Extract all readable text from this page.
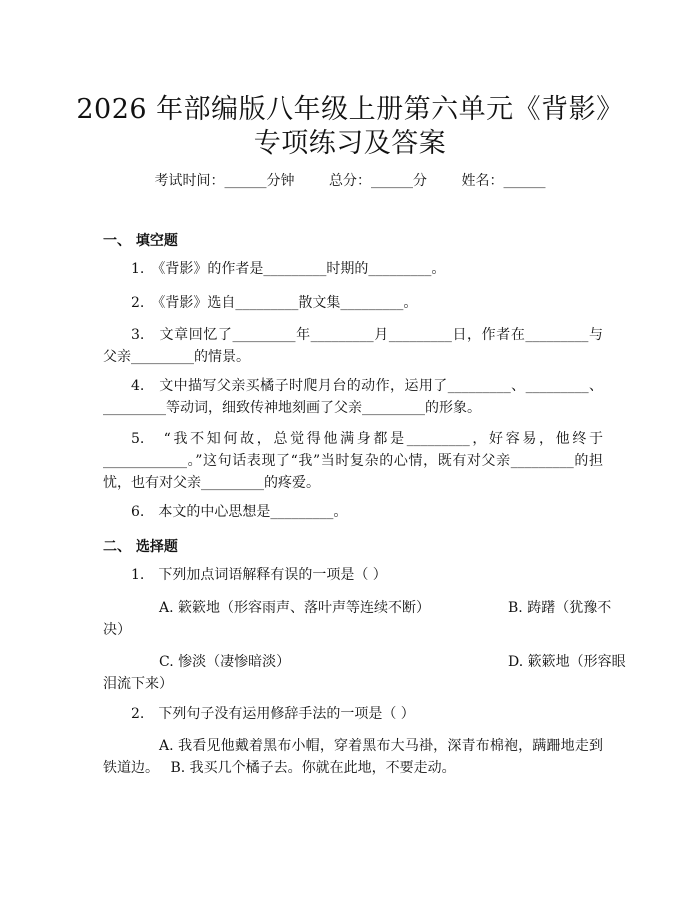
2026 年部编版八年级上册第六单元《背影》
专项练习及答案
考试时间：______分钟 总分：______分 姓名：______
一、 填空题
1.　《背影》的作者是_________时期的_________。
2.　《背影》选自_________散文集_________。
3.　文章回忆了_________年_________月_________日，作者在_________与父亲_________的情景。
4.　文中描写父亲买橘子时爬月台的动作，运用了_________、_________、_________等动词，细致传神地刻画了父亲_________的形象。
5.　“我不知何故，总觉得他满身都是_________，好容易，他终于____________。”这句话表现了“我”当时复杂的心情，既有对父亲_________的担忧，也有对父亲_________的疼爱。
6.　本文的中心思想是_________。
二、 选择题
1.　下列加点词语解释有误的一项是（ ）
A. 簌簌地（形容雨声、落叶声等连续不断）	B. 踌躇（犹豫不
决）
C. 惨淡（凄惨暗淡）	D. 簌簌地（形容眼
泪流下来）
2.　下列句子没有运用修辞手法的一项是（ ）
A. 我看见他戴着黑布小帽，穿着黑布大马褂，深青布棉袍，蹒跚地走到铁道边。　 B. 我买几个橘子去。你就在此地，不要走动。
